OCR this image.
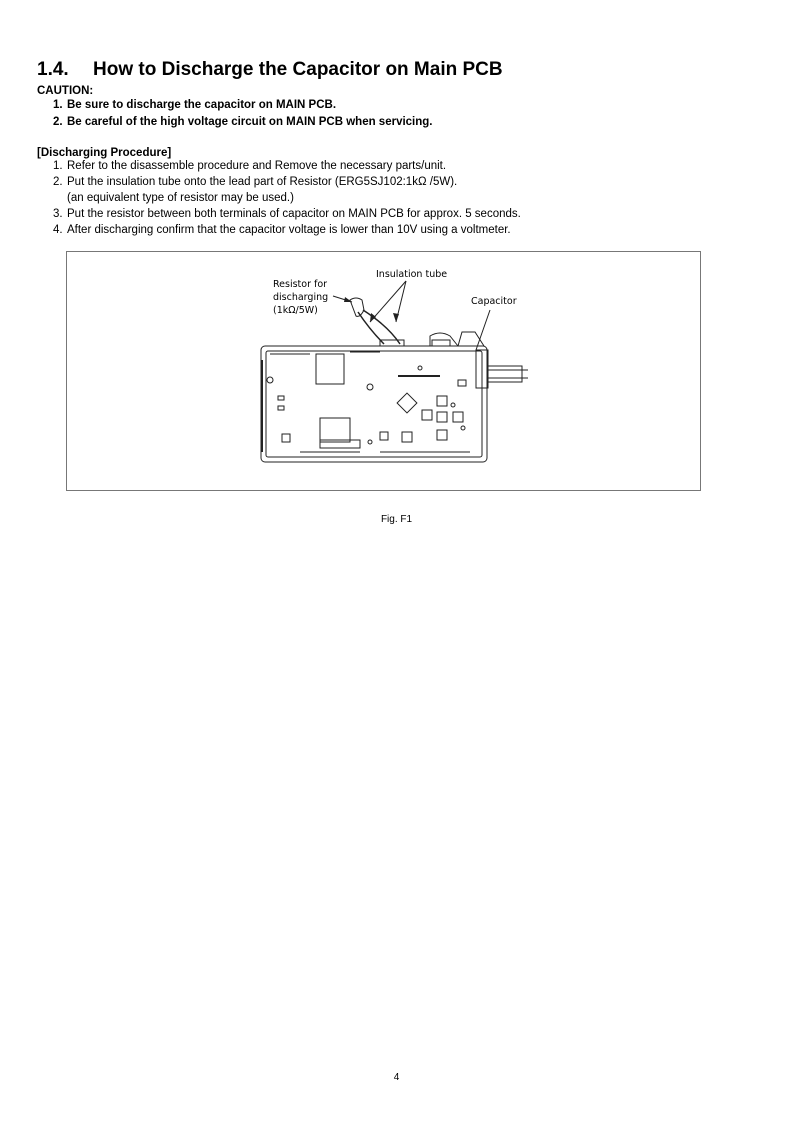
1.4. How to Discharge the Capacitor on Main PCB
CAUTION:
1. Be sure to discharge the capacitor on MAIN PCB.
2. Be careful of the high voltage circuit on MAIN PCB when servicing.
[Discharging Procedure]
1. Refer to the disassemble procedure and Remove the necessary parts/unit.
2. Put the insulation tube onto the lead part of Resistor (ERG5SJ102:1kΩ /5W).
(an equivalent type of resistor may be used.)
3. Put the resistor between both terminals of capacitor on MAIN PCB for approx. 5 seconds.
4. After discharging confirm that the capacitor voltage is lower than 10V using a voltmeter.
Resistor for
discharging
(1kΩ/5W)
Insulation tube
Capacitor
Fig. F1
4
